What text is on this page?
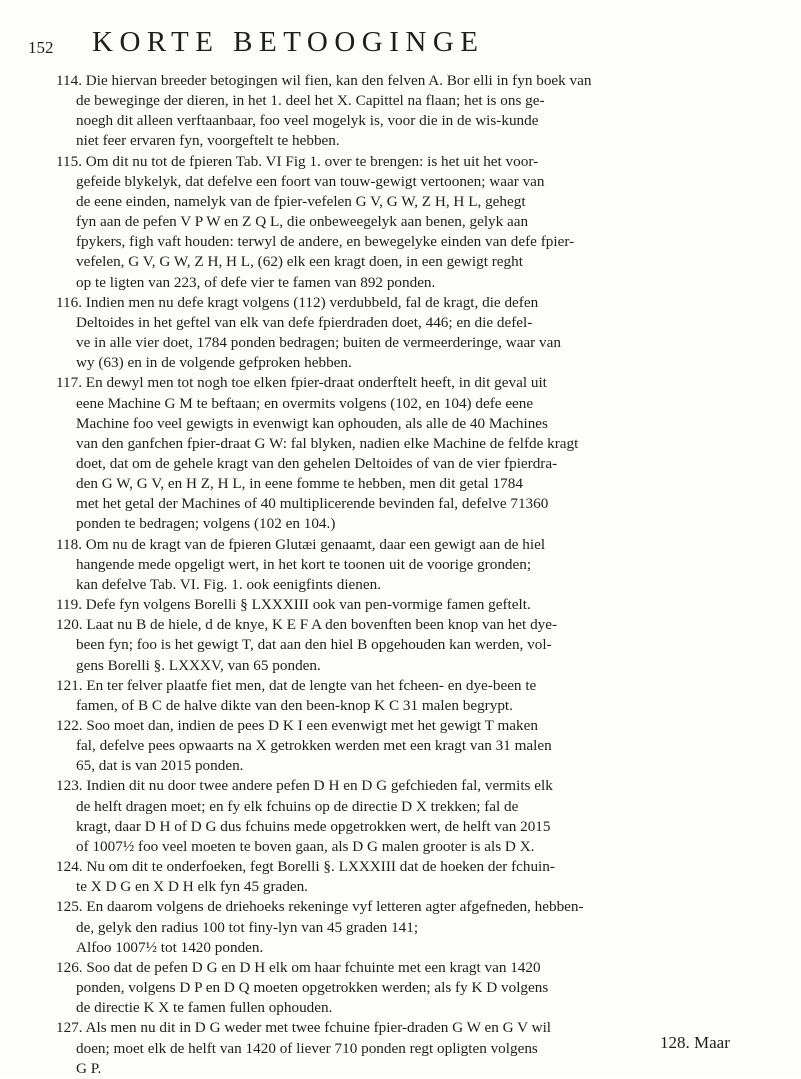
152 KORTE BETOOGINGE
114. Die hiervan breeder betogingen wil fien, kan den felven A. Bor elli in fyn boek van
de beweginge der dieren, in het 1. deel het X. Capittel na flaan; het is ons ge-
noegh dit alleen verftaanbaar, foo veel mogelyk is, voor die in de wis-kunde
niet feer ervaren fyn, voorgeftelt te hebben.
115. Om dit nu tot de fpieren Tab. VI Fig 1. over te brengen: is het uit het voor-
gefeide blykelyk, dat defelve een foort van touw-gewigt vertoonen; waar van
de eene einden, namelyk van de fpier-vefelen G V, G W, Z H, H L, gehegt
fyn aan de pefen V P W en Z Q L, die onbeweegelyk aan benen, gelyk aan
fpykers, figh vaft houden: terwyl de andere, en bewegelyke einden van defe fpier-
vefelen, G V, G W, Z H, H L, (62) elk een kragt doen, in een gewigt reght
op te ligten van 223, of defe vier te famen van 892 ponden.
116. Indien men nu defe kragt volgens (112) verdubbeld, fal de kragt, die defen
Deltoides in het geftel van elk van defe fpierdraden doet, 446; en die defel-
ve in alle vier doet, 1784 ponden bedragen; buiten de vermeerderinge, waar van
wy (63) en in de volgende gefproken hebben.
117. En dewyl men tot nogh toe elken fpier-draat onderftelt heeft, in dit geval uit
eene Machine G M te beftaan; en overmits volgens (102, en 104) defe eene
Machine foo veel gewigts in evenwigt kan ophouden, als alle de 40 Machines
van den ganfchen fpier-draat G W: fal blyken, nadien elke Machine de felfde kragt
doet, dat om de gehele kragt van den gehelen Deltoides of van de vier fpierdra-
den G W, G V, en H Z, H L, in eene fomme te hebben, men dit getal 1784
met het getal der Machines of 40 multiplicerende bevinden fal, defelve 71360
ponden te bedragen; volgens (102 en 104.)
118. Om nu de kragt van de fpieren Glutæi genaamt, daar een gewigt aan de hiel
hangende mede opgeligt wert, in het kort te toonen uit de voorige gronden;
kan defelve Tab. VI. Fig. 1. ook eenigfints dienen.
119. Defe fyn volgens Borelli § LXXXIII ook van pen-vormige famen geftelt.
120. Laat nu B de hiele, d de knye, K E F A den bovenften been knop van het dye-
been fyn; foo is het gewigt T, dat aan den hiel B opgehouden kan werden, vol-
gens Borelli §. LXXXV, van 65 ponden.
121. En ter felver plaatfe fiet men, dat de lengte van het fcheen- en dye-been te
famen, of B C de halve dikte van den been-knop K C 31 malen begrypt.
122. Soo moet dan, indien de pees D K I een evenwigt met het gewigt T maken
fal, defelve pees opwaarts na X getrokken werden met een kragt van 31 malen
65, dat is van 2015 ponden.
123. Indien dit nu door twee andere pefen D H en D G gefchieden fal, vermits elk
de helft dragen moet; en fy elk fchuins op de directie D X trekken; fal de
kragt, daar D H of D G dus fchuins mede opgetrokken wert, de helft van 2015
of 1007½ foo veel moeten te boven gaan, als D G malen grooter is als D X.
124. Nu om dit te onderfoeken, fegt Borelli §. LXXXIII dat de hoeken der fchuin-
te X D G en X D H elk fyn 45 graden.
125. En daarom volgens de driehoeks rekeninge vyf letteren agter afgefneden, hebben-
de, gelyk den radius 100 tot finy-lyn van 45 graden 141;
Alfoo 1007½ tot 1420 ponden.
126. Soo dat de pefen D G en D H elk om haar fchuinte met een kragt van 1420
ponden, volgens D P en D Q moeten opgetrokken werden; als fy K D volgens
de directie K X te famen fullen ophouden.
127. Als men nu dit in D G weder met twee fchuine fpier-draden G W en G V wil
doen; moet elk de helft van 1420 of liever 710 ponden regt opligten volgens
G P.
128. Maar
